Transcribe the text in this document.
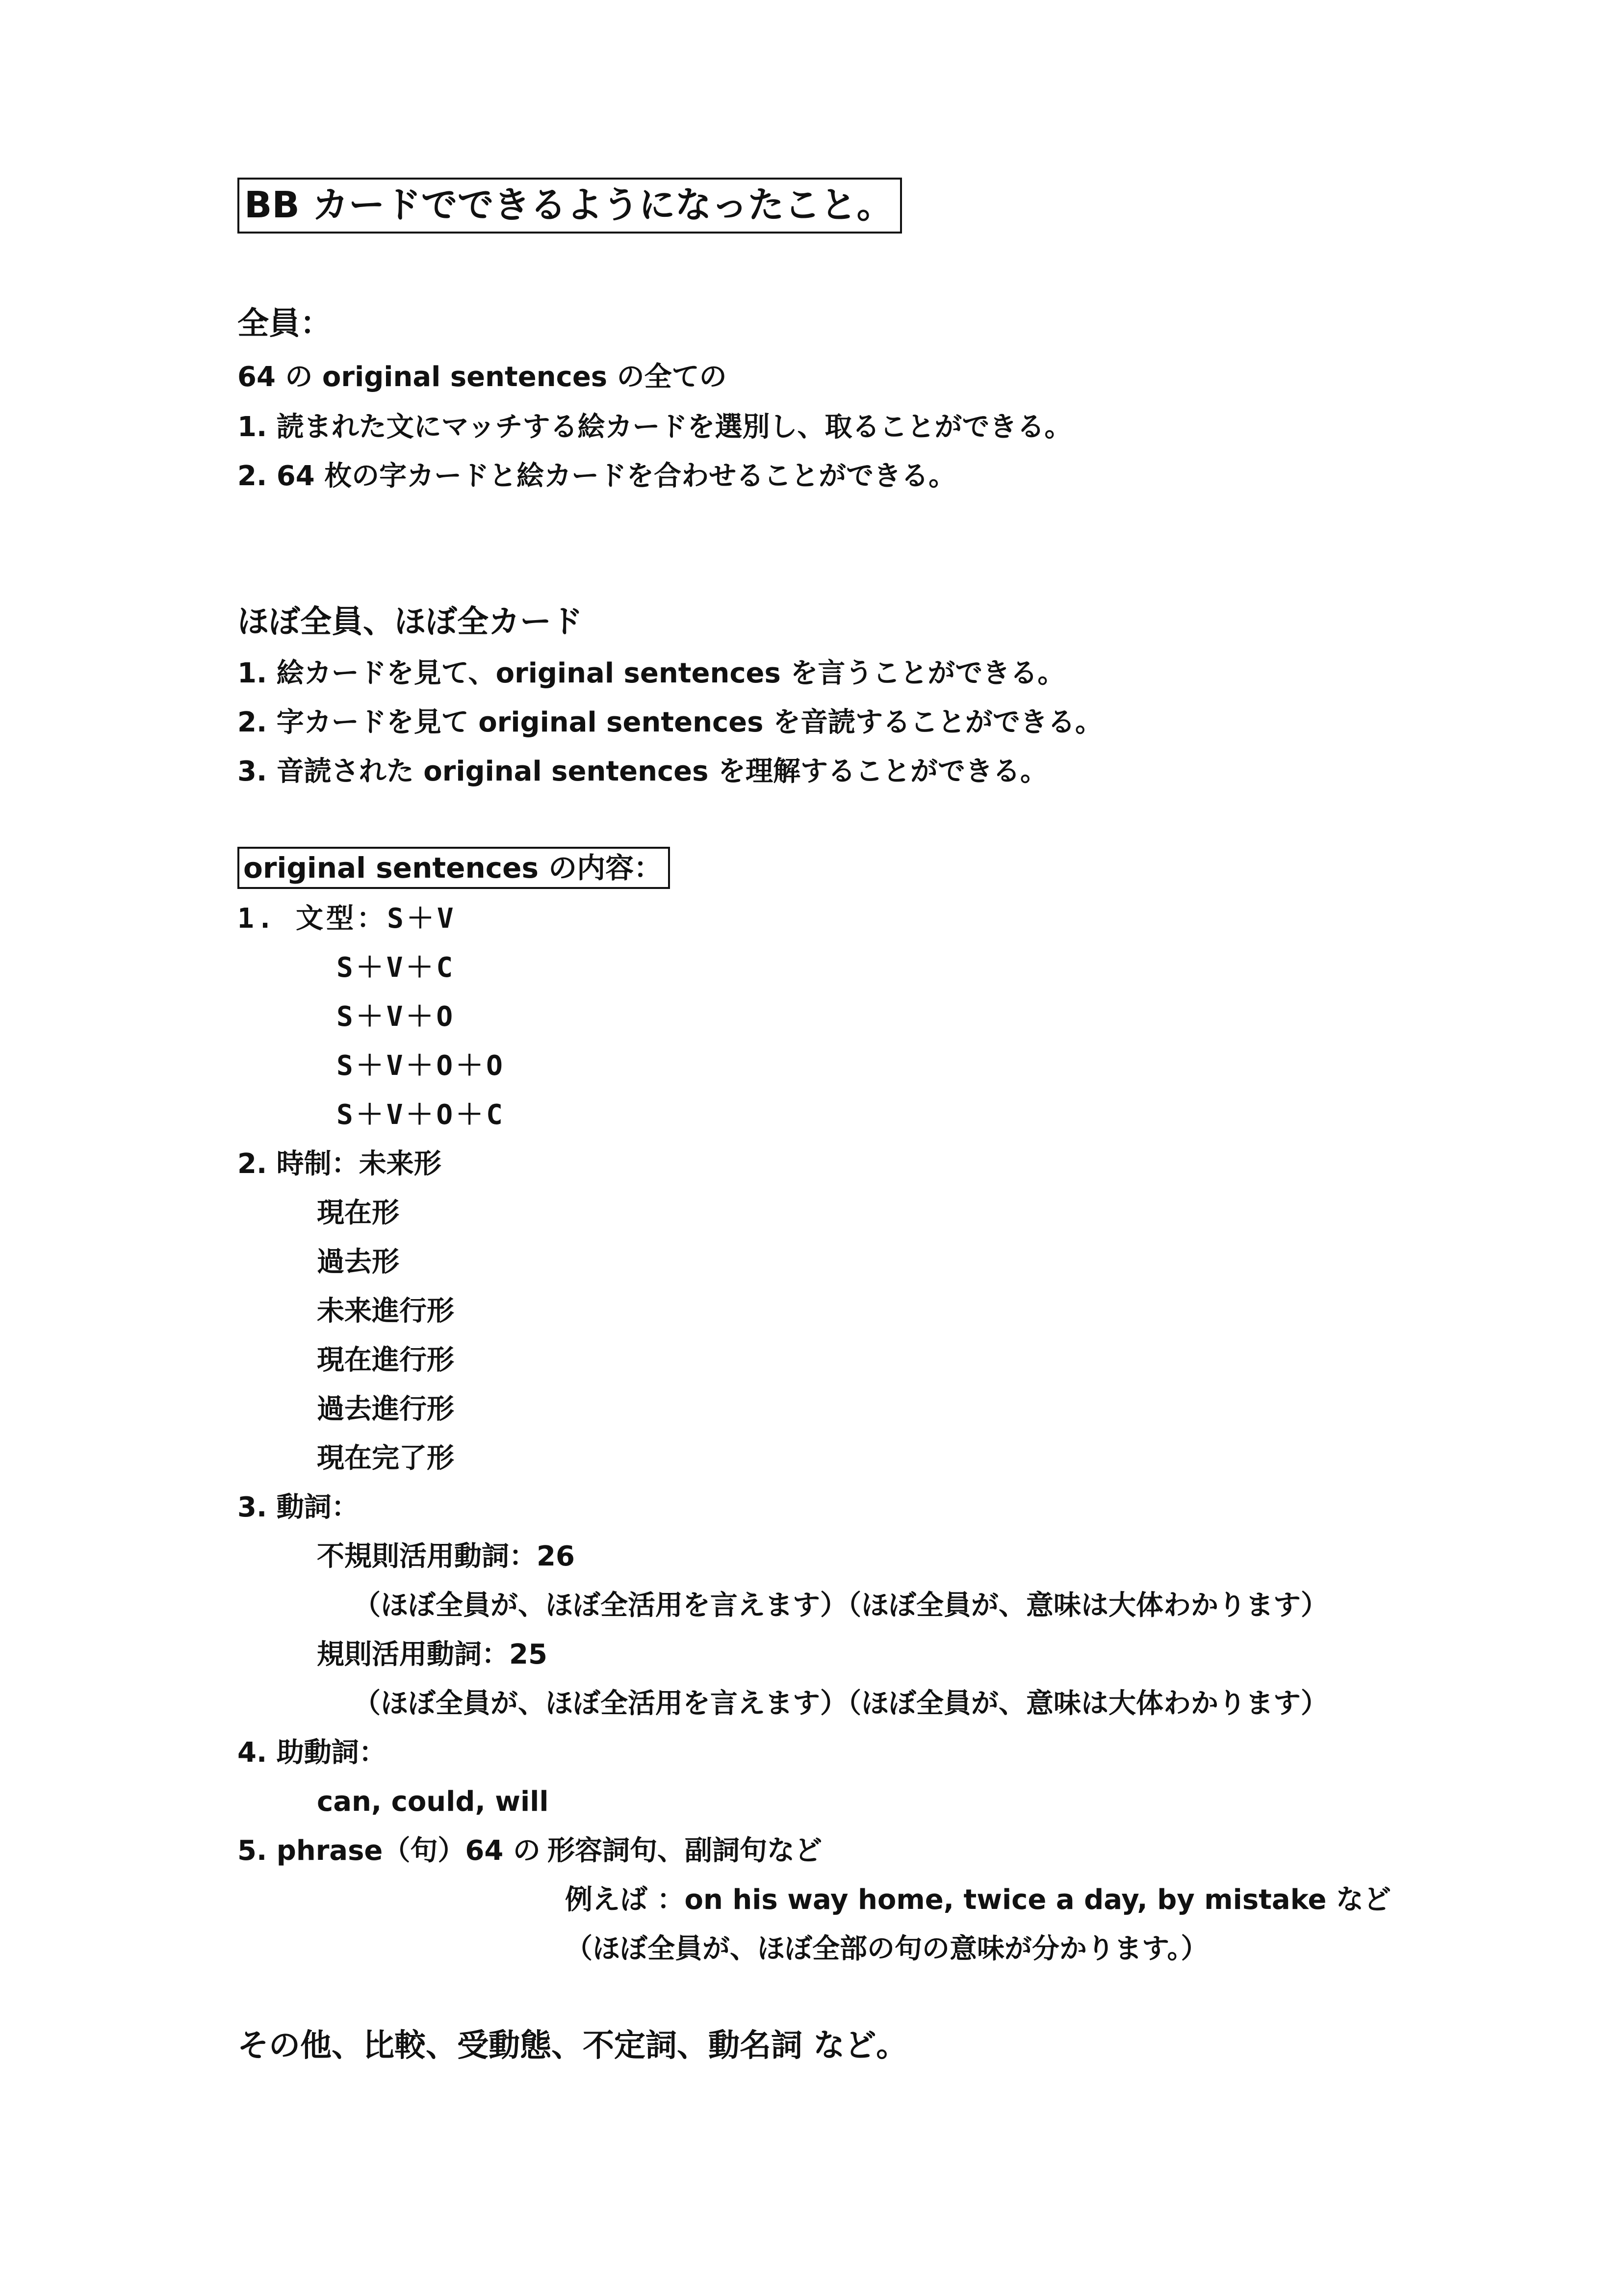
BB カードでできるようになったこと。
全員：
64 の original sentences の全ての
1. 読まれた文にマッチする絵カードを選別し、取ることができる。
2. 64 枚の字カードと絵カードを合わせることができる。
ほぼ全員、ほぼ全カード
1. 絵カードを見て、original sentences を言うことができる。
2. 字カードを見て original sentences を音読することができる。
3. 音読された original sentences を理解することができる。
original sentences の内容：
1. 文型：S＋V
S＋V＋C
S＋V＋O
S＋V＋O＋O
S＋V＋O＋C
2. 時制：未来形
現在形
過去形
未来進行形
現在進行形
過去進行形
現在完了形
3. 動詞：
不規則活用動詞：26
（ほぼ全員が、ほぼ全活用を言えます）（ほぼ全員が、意味は大体わかります）
規則活用動詞：25
（ほぼ全員が、ほぼ全活用を言えます）（ほぼ全員が、意味は大体わかります）
4. 助動詞：
can, could, will
5. phrase（句）64 の 形容詞句、副詞句など
例えば ：on his way home, twice a day, by mistake など
（ほぼ全員が、ほぼ全部の句の意味が分かります。）
その他、比較、受動態、不定詞、動名詞 など。
